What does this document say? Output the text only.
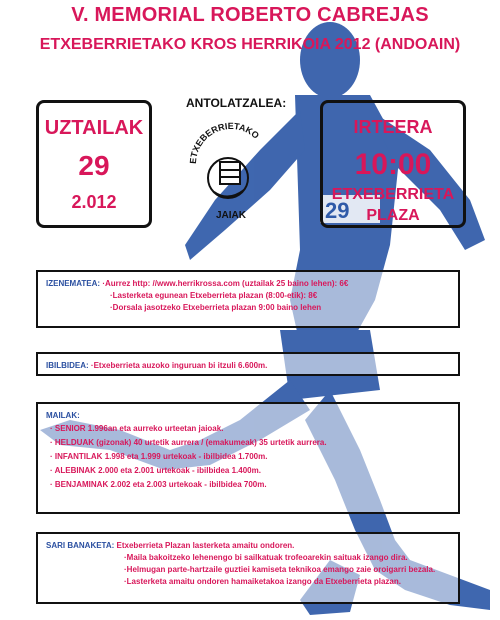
29
V. MEMORIAL ROBERTO CABREJAS
ETXEBERRIETAKO KROS HERRIKOIA 2012 (ANDOAIN)
UZTAILAK
29
2.012
ANTOLATZALEA:
ETXEBERRIETAKO
JAIAK
IRTEERA
10:00
ETXEBERRIETA
PLAZA
IZENEMATEA: ·Aurrez http: //www.herrikrossa.com (uztailak 25 baino lehen): 6€
·Lasterketa egunean Etxeberrieta plazan (8:00-etik): 8€
·Dorsala jasotzeko Etxeberrieta plazan 9:00 baino lehen
IBILBIDEA: ·Etxeberrieta auzoko inguruan bi itzuli 6.600m.
MAILAK:
· SENIOR 1.996an eta aurreko urteetan jaioak.
· HELDUAK (gizonak) 40 urtetik aurrera / (emakumeak) 35 urtetik aurrera.
· INFANTILAK 1.998 eta 1.999 urtekoak - ibilbidea 1.700m.
· ALEBINAK 2.000 eta 2.001 urtekoak - ibilbidea 1.400m.
· BENJAMINAK 2.002 eta 2.003 urtekoak - ibilbidea 700m.
SARI BANAKETA: Etxeberrieta Plazan lasterketa amaitu ondoren.
·Maila bakoitzeko lehenengo bi sailkatuak trofeoarekin saituak izango dira.
·Helmugan parte-hartzaile guztiei kamiseta teknikoa emango zaie oroigarri bezala.
·Lasterketa amaitu ondoren hamaiketakoa izango da Etxeberrieta plazan.
